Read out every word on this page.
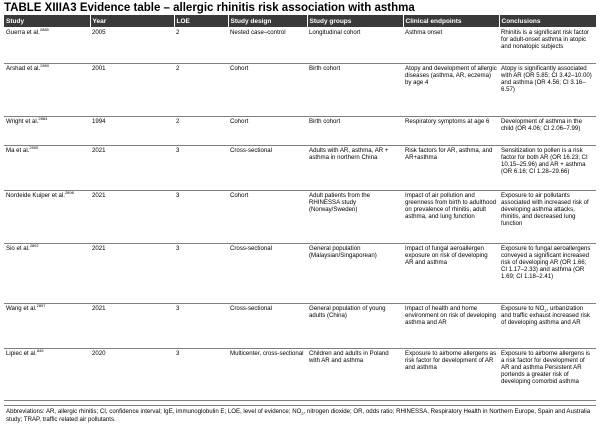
TABLE XIIIA3 Evidence table – allergic rhinitis risk association with asthma
Study	Year	LOE	Study design	Study groups	Clinical endpoints	Conclusions
Guerra et al.$^{2885}$	2005	2	Nested case–control	Longitudinal cohort	Asthma onset	Rhinitis is a significant risk factor for adult-onset asthma in atopic and nonatopic subjects
Arshad et al.$^{2890}$	2001	2	Cohort	Birth cohort	Atopy and development of allergic diseases (asthma, AR, eczema) by age 4	Atopy is significantly associated with AR (OR 5.85; CI 3.42–10.00) and asthma (OR 4.56; CI 3.16–6.57)
Wright et al.$^{2883}$	1994	2	Cohort	Birth cohort	Respiratory symptoms at age 6	Development of asthma in the child (OR 4.06; CI 2.06–7.99)
Ma et al.$^{2900}$	2021	3	Cross-sectional	Adults with AR, asthma, AR + asthma in northern China	Risk factors for AR, asthma, and AR+asthma	Sensitization to pollen is a risk factor for both AR (OR 16.23; CI 10.15–25.96) and AR + asthma (OR 6.16; CI 1.28–29.66)
Nordeide Kuiper et al.$^{2898}$	2021	3	Cohort	Adult patients from the RHINESSA study (Norway/Sweden)	Impact of air pollution and greenness from birth to adulthood on prevalence of rhinitis, adult asthma, and lung function	Exposure to air pollutants associated with increased risk of developing asthma attacks, rhinitis, and decreased lung function
Sio et al.$^{2892}$	2021	3	Cross-sectional	General population (Malaysian/Singaporean)	Impact of fungal aeroallergen exposure on risk of developing AR and asthma	Exposure to fungal aeroallergens conveyed a significant increased risk of developing AR (OR 1.66; CI 1.17–2.33) and asthma (OR 1.69; CI 1.18–2.41)
Wang et al.$^{2897}$	2021	3	Cross-sectional	General population of young adults (China)	Impact of health and home environment on risk of developing asthma and AR	Exposure to $NO_2$, urbanization and traffic exhaust increased risk of developing asthma and AR
Lipiec et al.$^{845}$	2020	3	Multicenter, cross-sectional	Children and adults in Poland with AR and asthma	Exposure to airborne allergens as risk factor for development of AR and asthma	Exposure to airborne allergens is a risk factor for development of AR and asthma Persistent AR portends a greater risk of developing comorbid asthma
Abbreviations: AR, allergic rhinitis; CI, confidence interval; IgE, immunoglobulin E; LOE, level of evidence; $NO_2$, nitrogen dioxide; OR, odds ratio; RHINESSA, Respiratory Health in Northern Europe, Spain and Australia study; TRAP, traffic related air pollutants.
